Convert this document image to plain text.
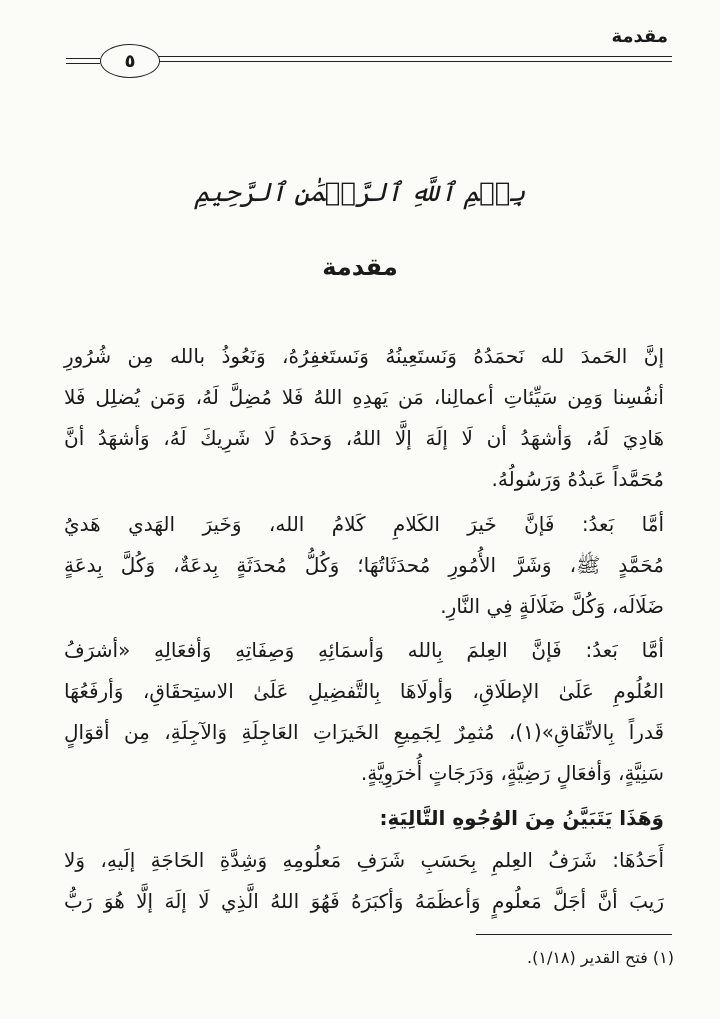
مقدمة
٥
بِسۡمِ ٱللَّهِ ٱلرَّحۡمَٰنِ ٱلرَّحِيمِ
مقدمة
إنَّ الحَمدَ لله نَحمَدُهُ وَنَستَعِينُهُ وَنَستَغفِرُهُ، وَنَعُوذُ بالله مِن شُرُورِ
أنفُسِنا وَمِن سَيِّئاتِ أعمالِنا، مَن يَهدِهِ اللهُ فَلا مُضِلَّ لَهُ، وَمَن يُضلِل فَلا
هَادِيَ لَهُ، وَأشهَدُ أن لَا إلَهَ إلَّا اللهُ، وَحدَهُ لَا شَرِيكَ لَهُ، وَأشهَدُ أنَّ
مُحَمَّداً عَبدُهُ وَرَسُولُهُ.
أمَّا بَعدُ: فَإنَّ خَيرَ الكَلامِ كَلامُ الله، وَخَيرَ الهَدي هَديُ
مُحَمَّدٍ ﷺ، وَشَرَّ الأُمُورِ مُحدَثَاتُهَا؛ وَكُلُّ مُحدَثَةٍ بِدعَةٌ، وَكُلَّ بِدعَةٍ
ضَلَالَه، وَكُلَّ ضَلَالَةٍ فِي النَّارِ.
أمَّا بَعدُ: فَإنَّ العِلمَ بِالله وَأسمَائِهِ وَصِفَاتِهِ وَأفعَالِهِ «أشرَفُ
العُلُومِ عَلَىٰ الإطلَاقِ، وَأولَاهَا بِالتَّفضِيلِ عَلَىٰ الاستِحقَاقِ، وَأرفَعُهَا
قَدراً بِالاتِّفَاقِ»(١)، مُثمِرٌ لِجَمِيعِ الخَيرَاتِ العَاجِلَةِ وَالآجِلَةِ، مِن أقوَالٍ
سَنِيَّةٍ، وَأفعَالٍ رَضِيَّةٍ، وَدَرَجَاتٍ أُخرَوِيَّةٍ.
وَهَذَا يَتَبَيَّنُ مِنَ الوُجُوهِ التَّالِيَةِ:
أَحَدُهَا: شَرَفُ العِلمِ بِحَسَبِ شَرَفِ مَعلُومِهِ وَشِدَّةِ الحَاجَةِ إلَيهِ، وَلا
رَيبَ أنَّ أجَلَّ مَعلُومٍ وَأعظَمَهُ وَأكبَرَهُ فَهُوَ اللهُ الَّذِي لَا إلَهَ إلَّا هُوَ رَبُّ
(١) فتح القدير (١/١٨).
